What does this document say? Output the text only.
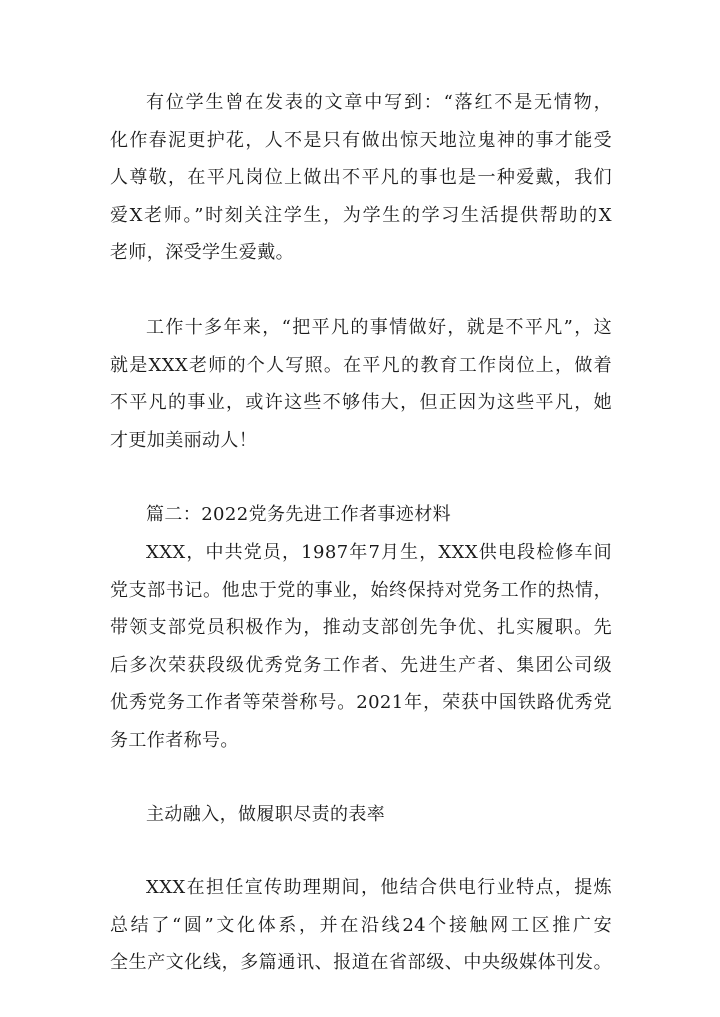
有位学生曾在发表的文章中写到：“落红不是无情物，
化作春泥更护花，人不是只有做出惊天地泣鬼神的事才能受
人尊敬，在平凡岗位上做出不平凡的事也是一种爱戴，我们
爱X老师。”时刻关注学生，为学生的学习生活提供帮助的X
老师，深受学生爱戴。
工作十多年来，“把平凡的事情做好，就是不平凡”，这
就是XXX老师的个人写照。在平凡的教育工作岗位上，做着
不平凡的事业，或许这些不够伟大，但正因为这些平凡，她
才更加美丽动人！
篇二：2022党务先进工作者事迹材料
XXX，中共党员，1987年7月生，XXX供电段检修车间
党支部书记。他忠于党的事业，始终保持对党务工作的热情，
带领支部党员积极作为，推动支部创先争优、扎实履职。先
后多次荣获段级优秀党务工作者、先进生产者、集团公司级
优秀党务工作者等荣誉称号。2021年，荣获中国铁路优秀党
务工作者称号。
主动融入，做履职尽责的表率
XXX在担任宣传助理期间，他结合供电行业特点，提炼
总结了“圆”文化体系，并在沿线24个接触网工区推广安
全生产文化线，多篇通讯、报道在省部级、中央级媒体刊发。
